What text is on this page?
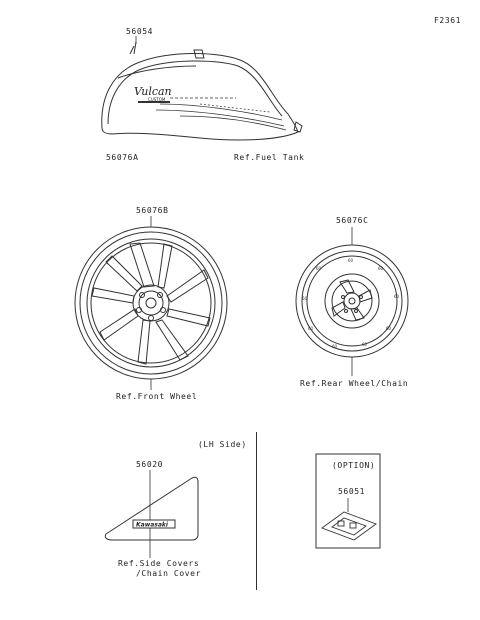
Vulcan
CUSTOM
60
60
60
60
60
60
60
60
60
Kawasaki
F2361
56054
56076A	Ref.Fuel Tank
56076B
Ref.Front Wheel
56076C
Ref.Rear Wheel/Chain
(LH Side)
56020
Ref.Side Covers
/Chain Cover
(OPTION)
56051
